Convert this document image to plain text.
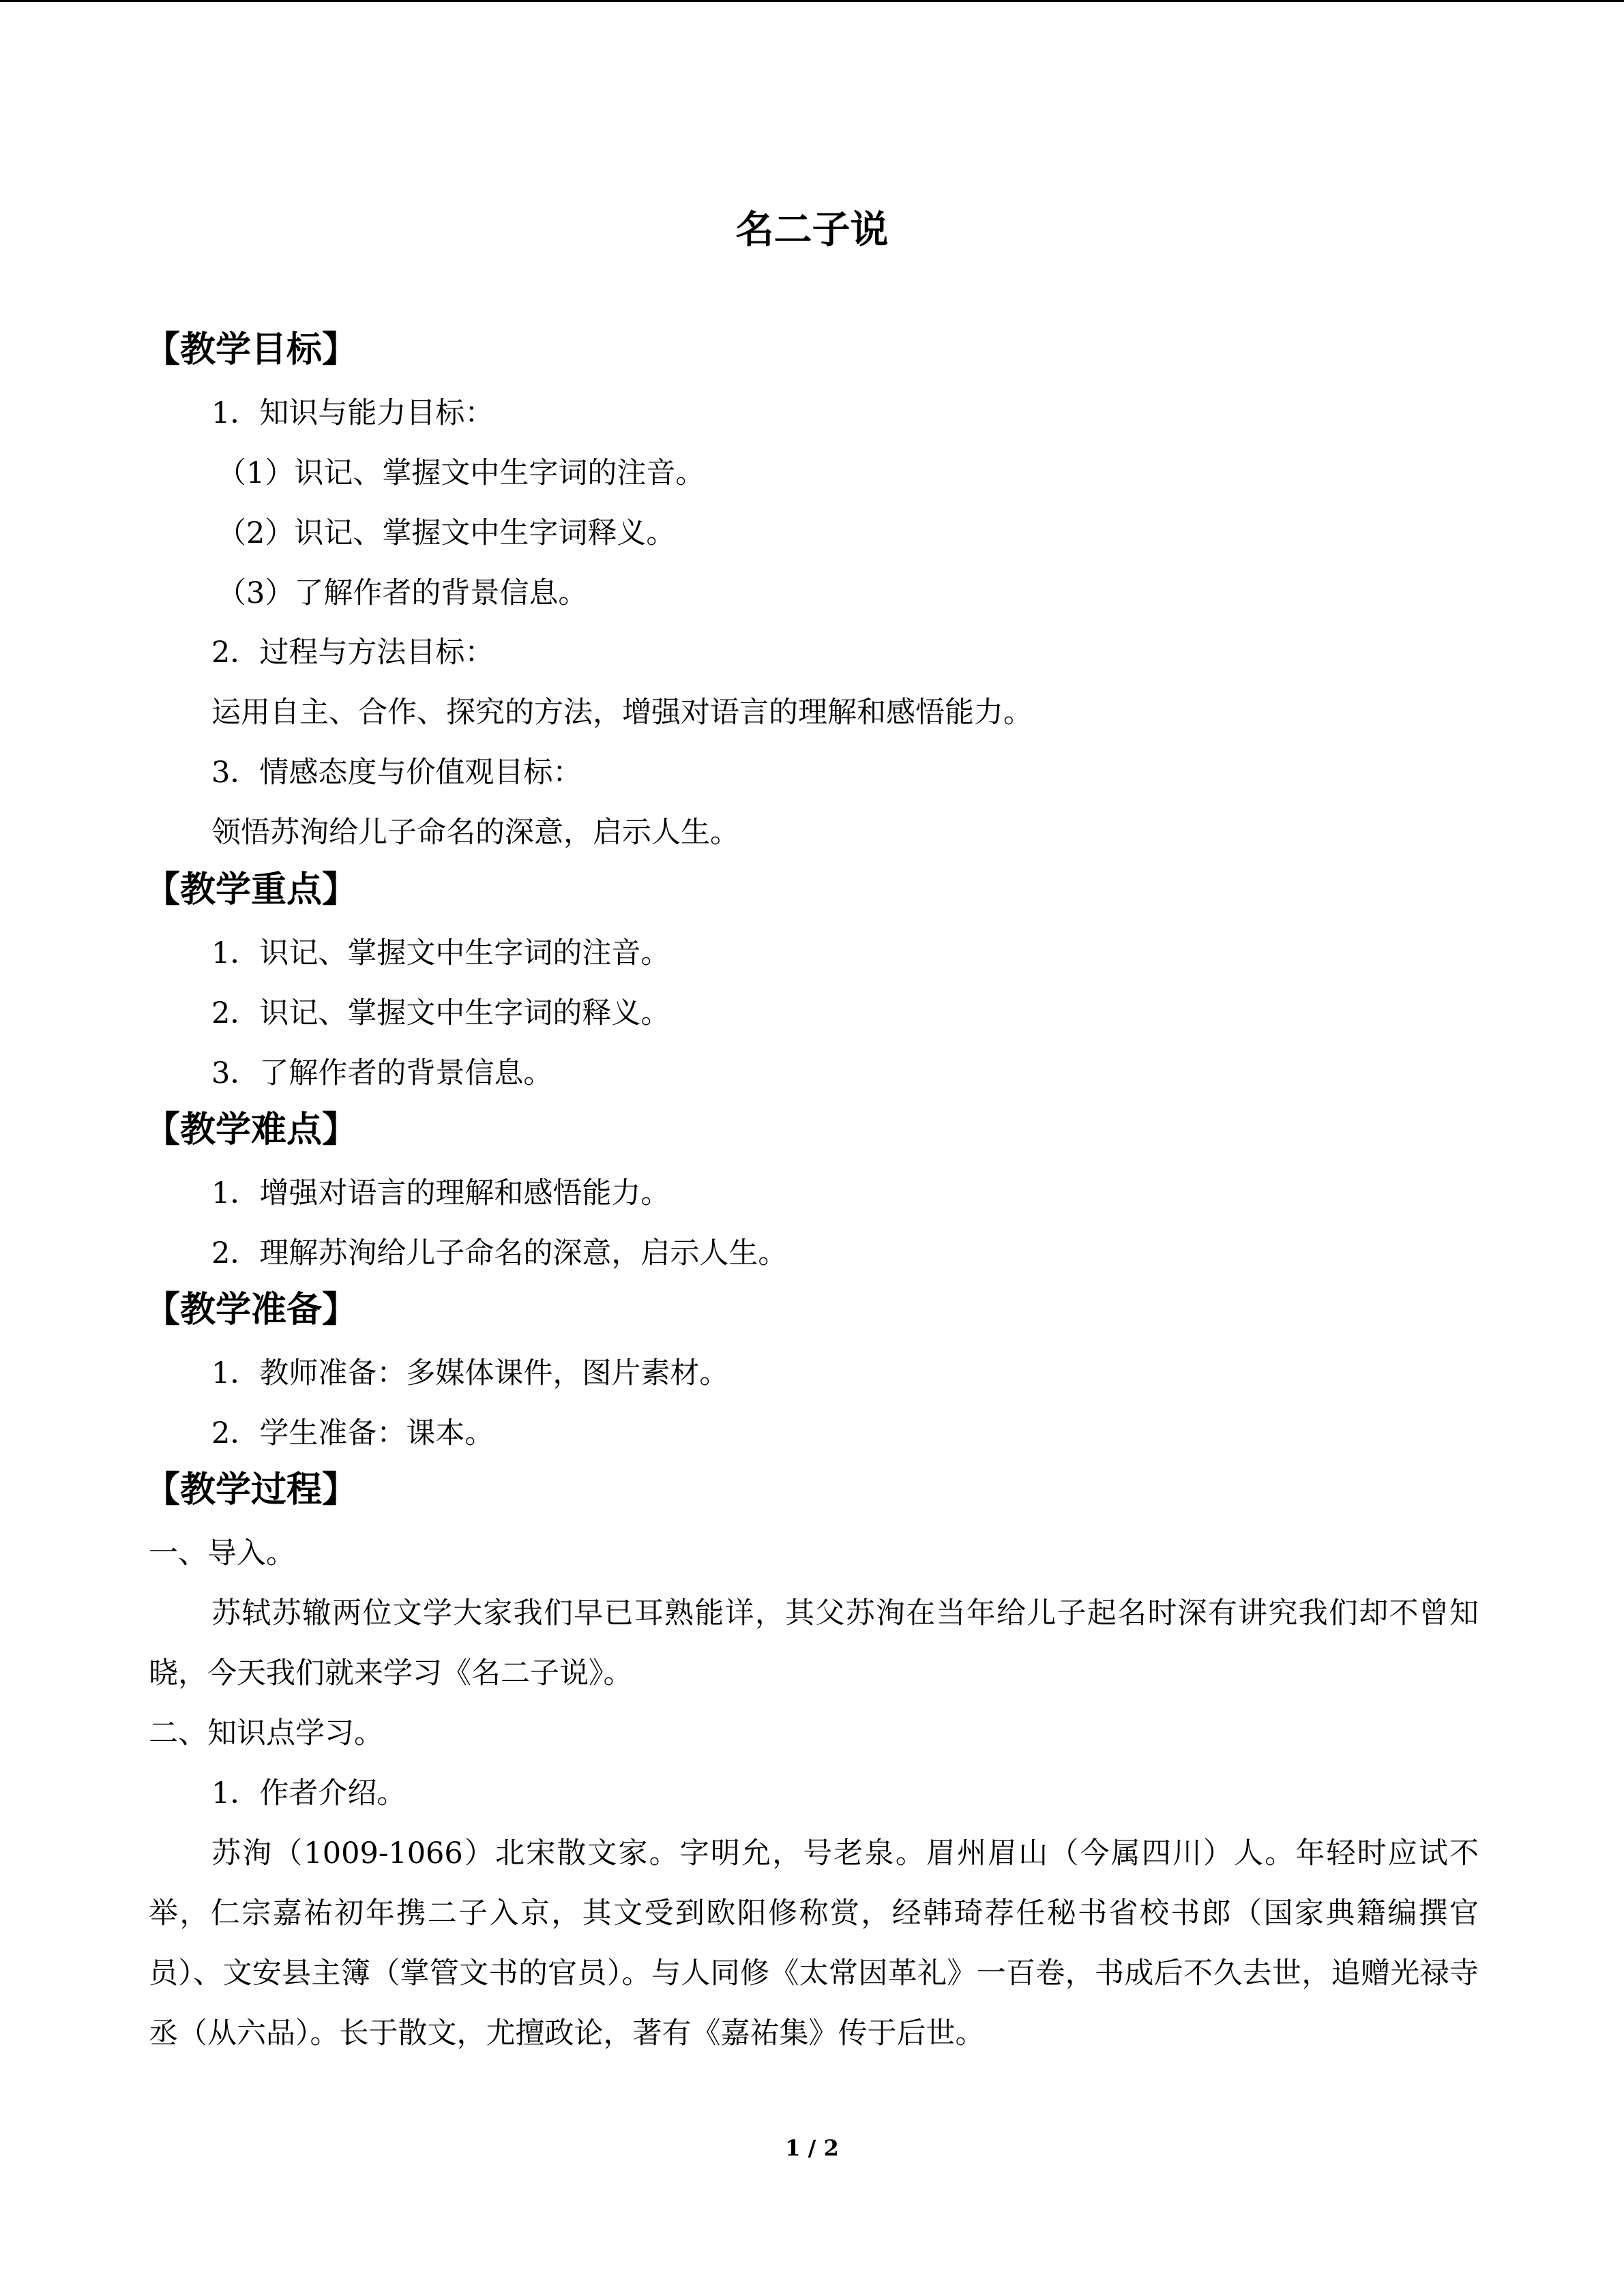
名二子说
【教学目标】

1．知识与能力目标：

（1）识记、掌握文中生字词的注音。

（2）识记、掌握文中生字词释义。

（3）了解作者的背景信息。

2．过程与方法目标：

运用自主、合作、探究的方法，增强对语言的理解和感悟能力。

3．情感态度与价值观目标：

领悟苏洵给儿子命名的深意，启示人生。

【教学重点】

1．识记、掌握文中生字词的注音。

2．识记、掌握文中生字词的释义。

3．了解作者的背景信息。

【教学难点】

1．增强对语言的理解和感悟能力。

2．理解苏洵给儿子命名的深意，启示人生。

【教学准备】

1．教师准备：多媒体课件，图片素材。

2．学生准备：课本。

【教学过程】

一、导入。

苏轼苏辙两位文学大家我们早已耳熟能详，其父苏洵在当年给儿子起名时深有讲究我们却不曾知晓，今天我们就来学习《名二子说》。

二、知识点学习。

1．作者介绍。

苏洵（1009-1066）北宋散文家。字明允，号老泉。眉州眉山（今属四川）人。年轻时应试不举，仁宗嘉祐初年携二子入京，其文受到欧阳修称赏，经韩琦荐任秘书省校书郎（国家典籍编撰官员）、文安县主簿（掌管文书的官员）。与人同修《太常因革礼》一百卷，书成后不久去世，追赠光禄寺丞（从六品）。长于散文，尤擅政论，著有《嘉祐集》传于后世。

1 / 2
